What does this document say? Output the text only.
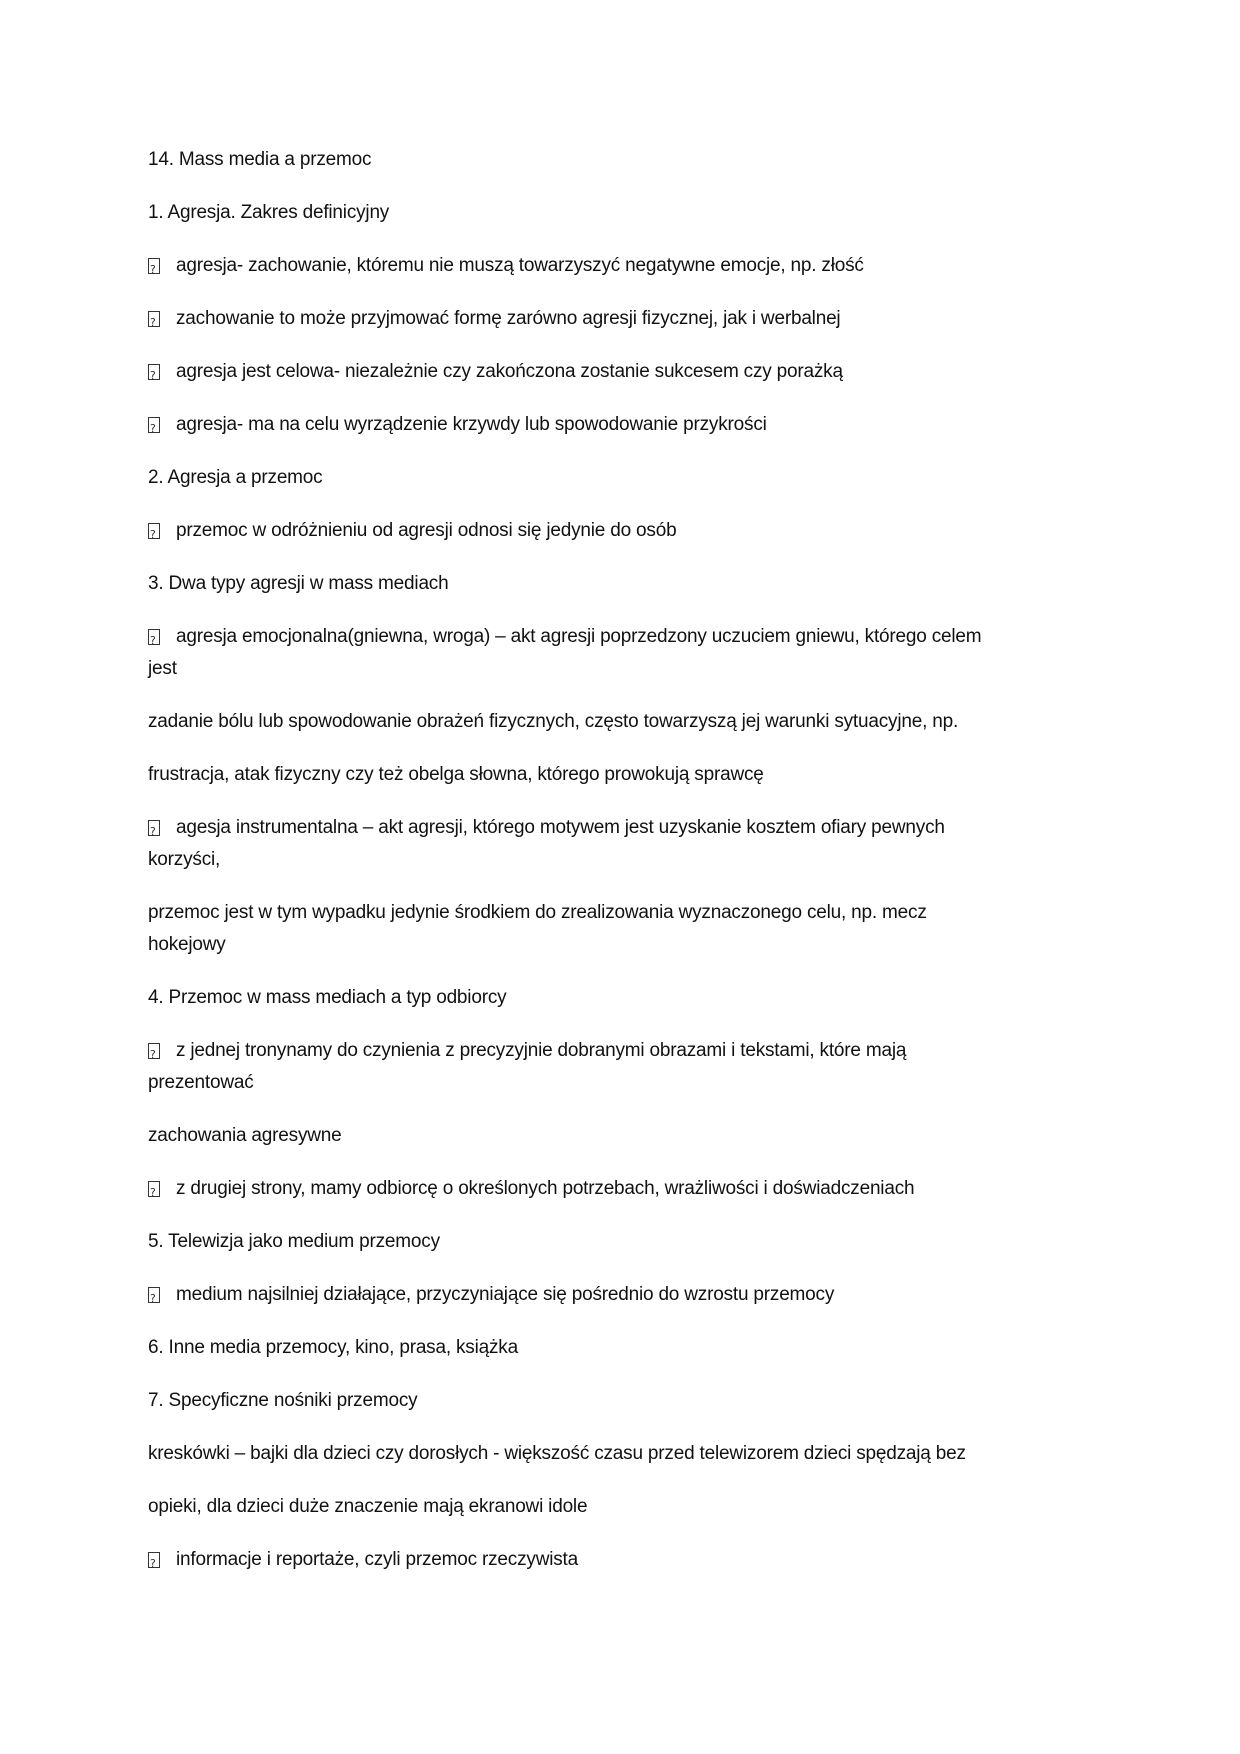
14. Mass media a przemoc
1. Agresja. Zakres definicyjny
?
agresja- zachowanie, któremu nie muszą towarzyszyć negatywne emocje, np. złość
?
zachowanie to może przyjmować formę zarówno agresji fizycznej, jak i werbalnej
?
agresja jest celowa- niezależnie czy zakończona zostanie sukcesem czy porażką
?
agresja- ma na celu wyrządzenie krzywdy lub spowodowanie przykrości
2. Agresja a przemoc
?
przemoc w odróżnieniu od agresji odnosi się jedynie do osób
3. Dwa typy agresji w mass mediach
?
agresja emocjonalna(gniewna, wroga) – akt agresji poprzedzony uczuciem gniewu, którego celem
jest
zadanie bólu lub spowodowanie obrażeń fizycznych, często towarzyszą jej warunki sytuacyjne, np.
frustracja, atak fizyczny czy też obelga słowna, którego prowokują sprawcę
?
agesja instrumentalna – akt agresji, którego motywem jest uzyskanie kosztem ofiary pewnych
korzyści,
przemoc jest w tym wypadku jedynie środkiem do zrealizowania wyznaczonego celu, np. mecz
hokejowy
4. Przemoc w mass mediach a typ odbiorcy
?
z jednej tronynamy do czynienia z precyzyjnie dobranymi obrazami i tekstami, które mają
prezentować
zachowania agresywne
?
z drugiej strony, mamy odbiorcę o określonych potrzebach, wrażliwości i doświadczeniach
5. Telewizja jako medium przemocy
?
medium najsilniej działające, przyczyniające się pośrednio do wzrostu przemocy
6. Inne media przemocy, kino, prasa, książka
7. Specyficzne nośniki przemocy
kreskówki – bajki dla dzieci czy dorosłych - większość czasu przed telewizorem dzieci spędzają bez
opieki, dla dzieci duże znaczenie mają ekranowi idole
?
informacje i reportaże, czyli przemoc rzeczywista
